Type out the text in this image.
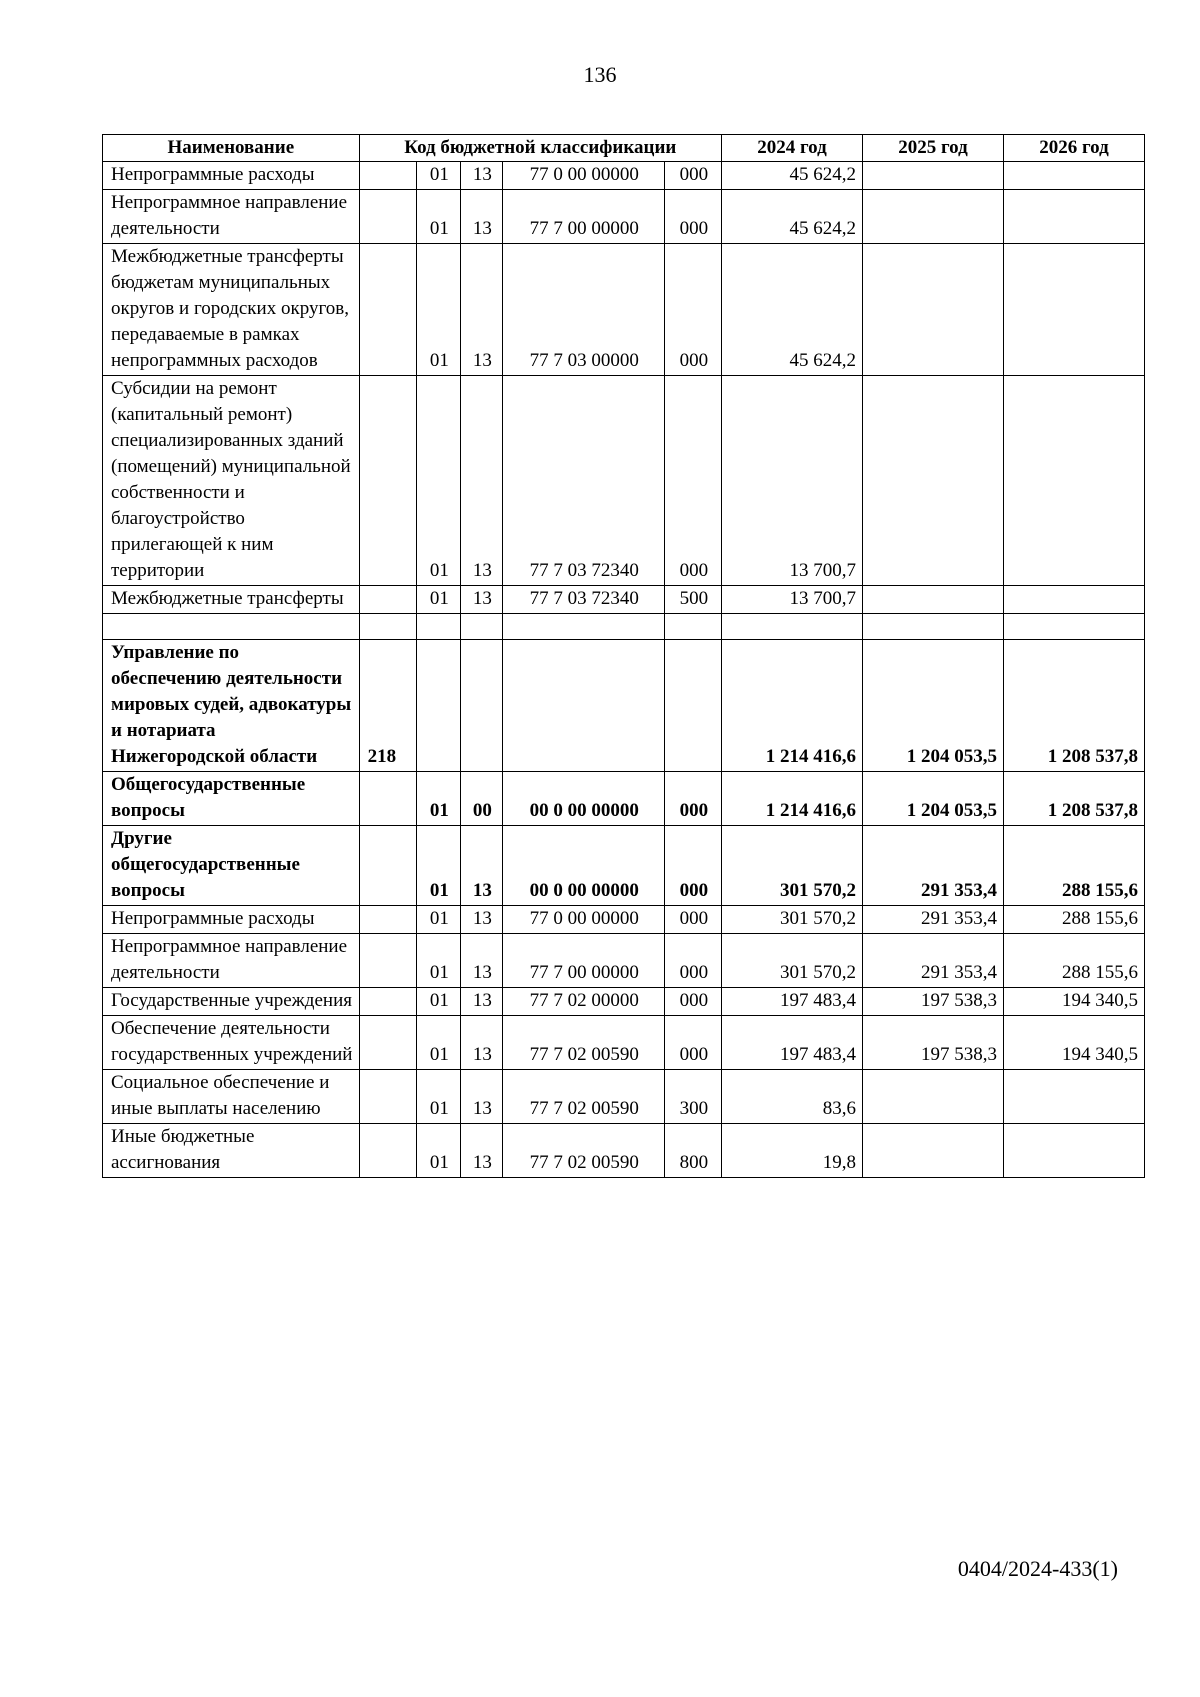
136
Наименование	Код бюджетной классификации					2024 год	2025 год	2026 год
Непрограммные расходы		01	13	77 0 00 00000	000	45 624,2		
Непрограммное направление деятельности		01	13	77 7 00 00000	000	45 624,2		
Межбюджетные трансферты бюджетам муниципальных округов и городских округов, передаваемые в рамках непрограммных расходов		01	13	77 7 03 00000	000	45 624,2		
Субсидии на ремонт (капитальный ремонт) специализированных зданий (помещений) муниципальной собственности и благоустройство прилегающей к ним территории		01	13	77 7 03 72340	000	13 700,7		
Межбюджетные трансферты		01	13	77 7 03 72340	500	13 700,7		

Управление по обеспечению деятельности мировых судей, адвокатуры и нотариата Нижегородской области	218					1 214 416,6	1 204 053,5	1 208 537,8
Общегосударственные вопросы		01	00	00 0 00 00000	000	1 214 416,6	1 204 053,5	1 208 537,8
Другие общегосударственные вопросы		01	13	00 0 00 00000	000	301 570,2	291 353,4	288 155,6
Непрограммные расходы		01	13	77 0 00 00000	000	301 570,2	291 353,4	288 155,6
Непрограммное направление деятельности		01	13	77 7 00 00000	000	301 570,2	291 353,4	288 155,6
Государственные учреждения		01	13	77 7 02 00000	000	197 483,4	197 538,3	194 340,5
Обеспечение деятельности государственных учреждений		01	13	77 7 02 00590	000	197 483,4	197 538,3	194 340,5
Социальное обеспечение и иные выплаты населению		01	13	77 7 02 00590	300	83,6		
Иные бюджетные ассигнования		01	13	77 7 02 00590	800	19,8		
0404/2024-433(1)
